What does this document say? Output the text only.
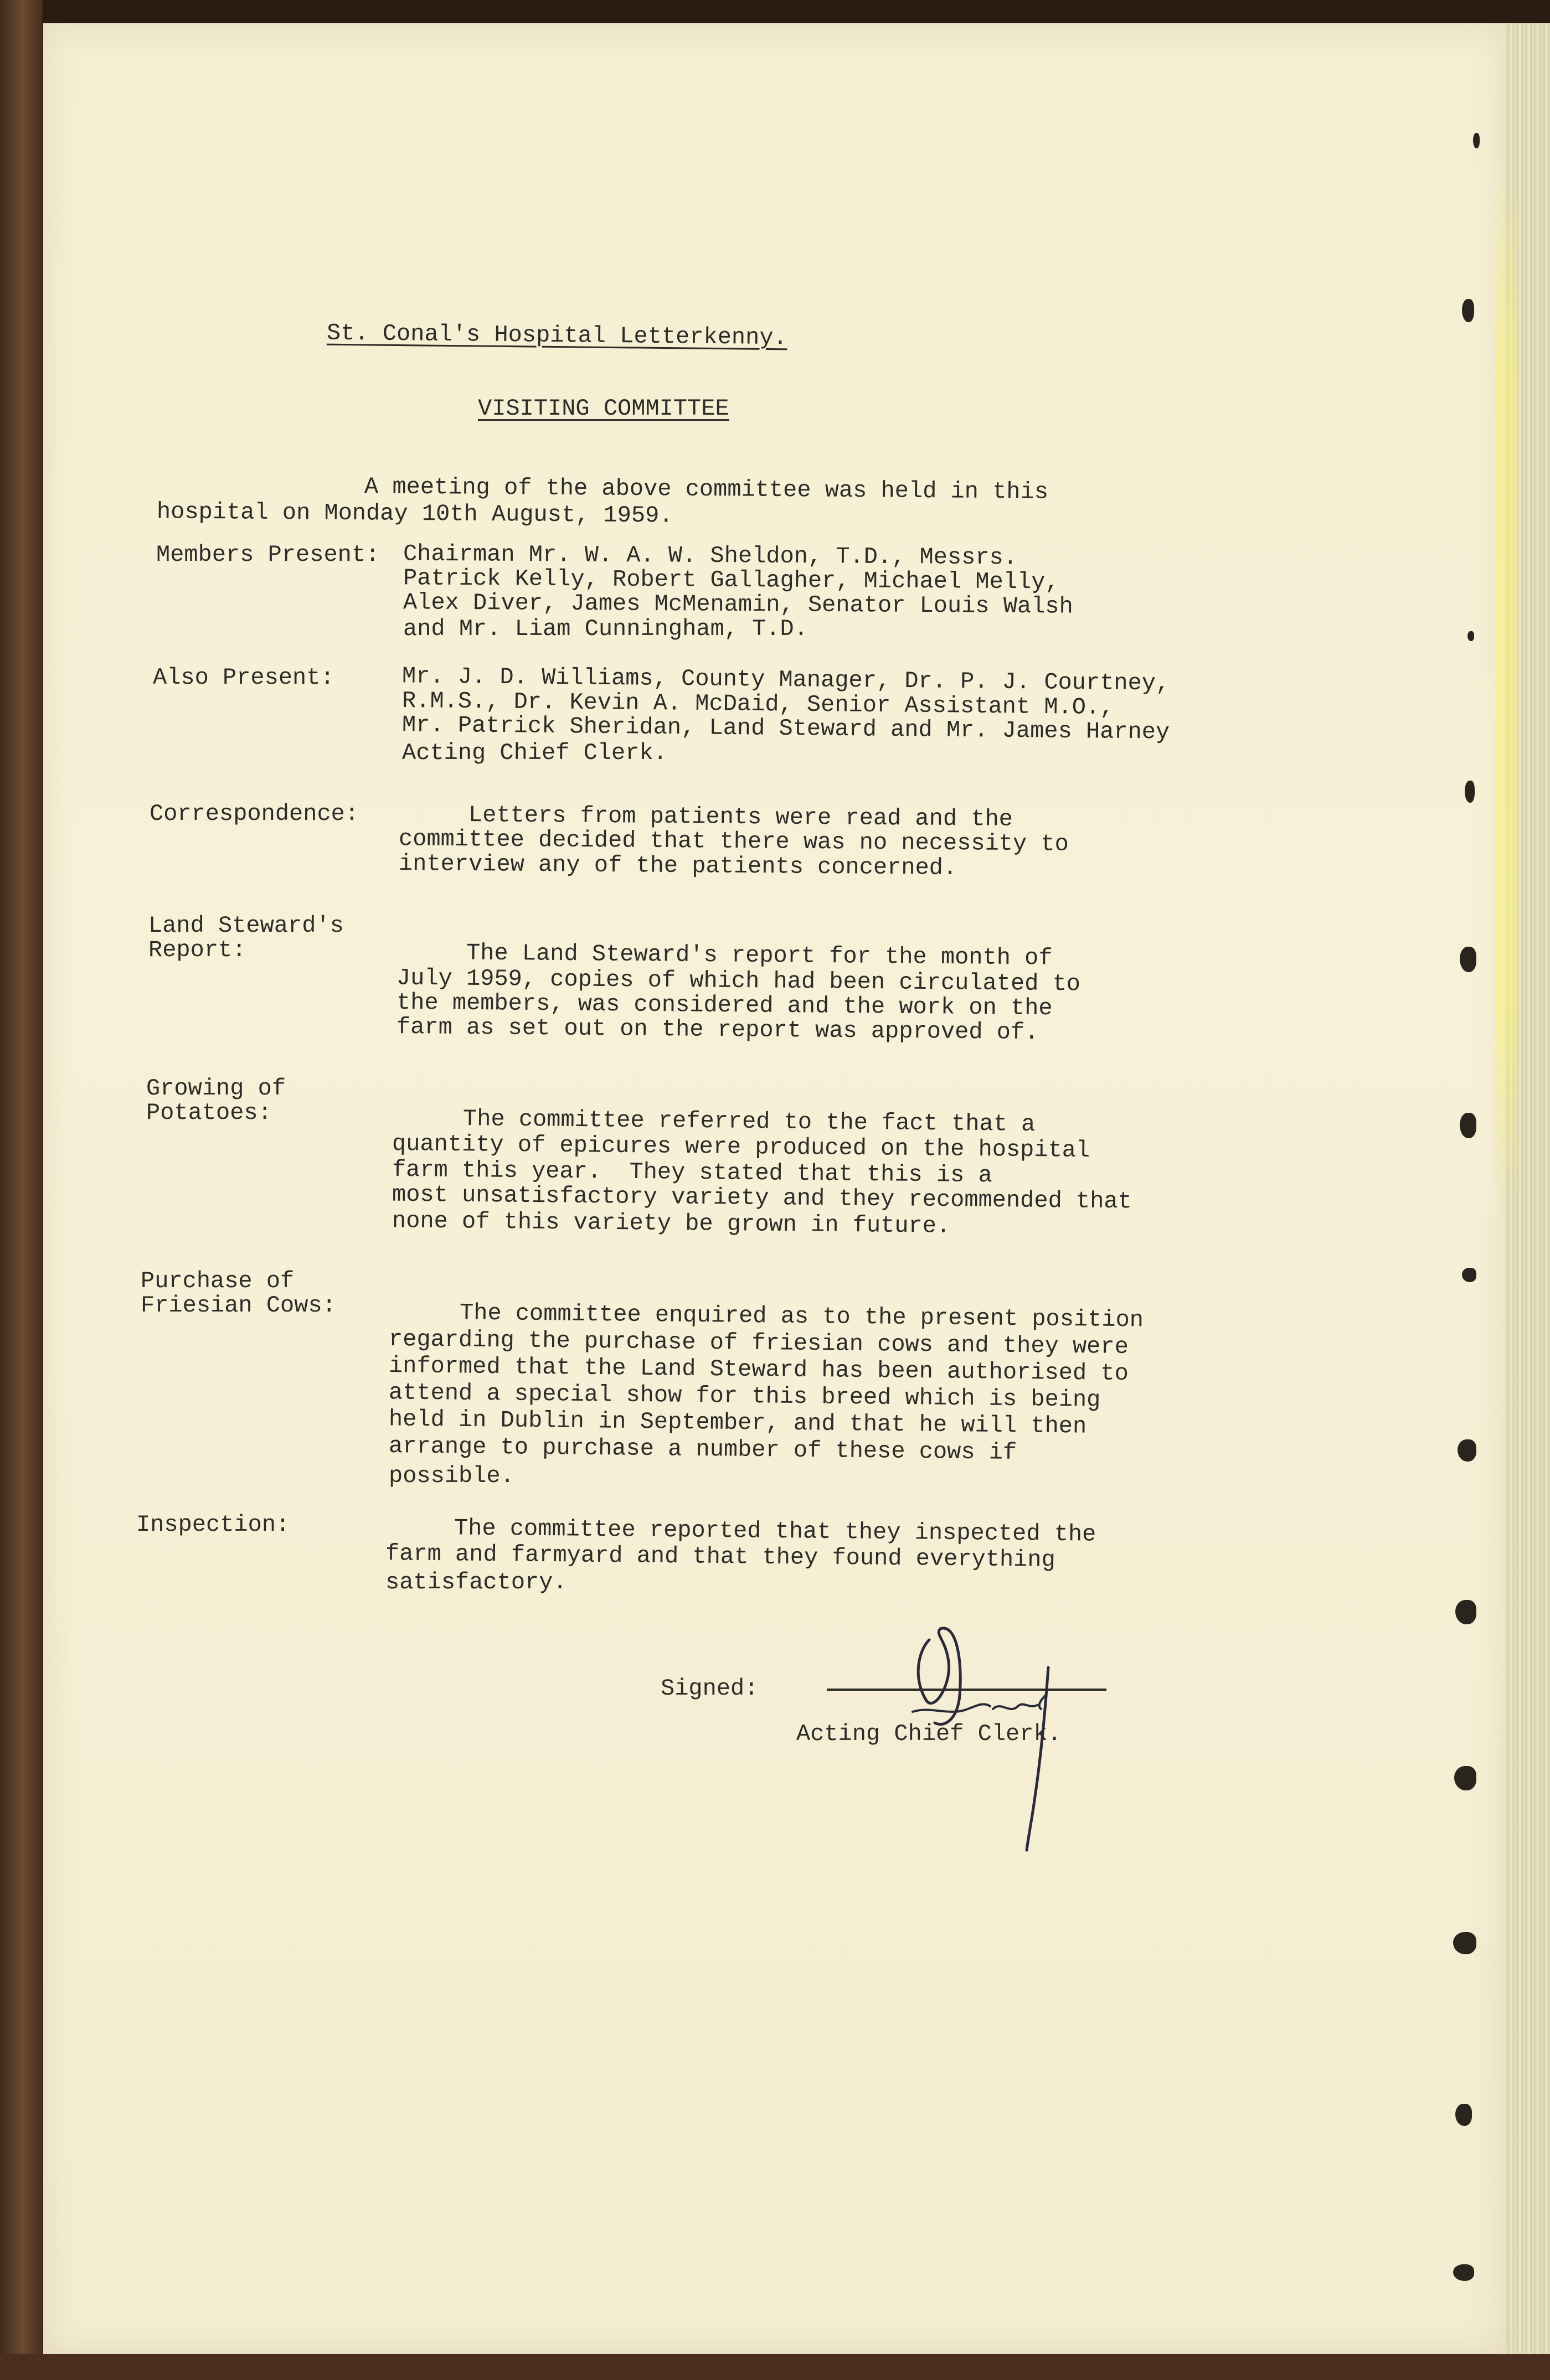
St. Conal's Hospital Letterkenny.
VISITING COMMITTEE
A meeting of the above committee was held in this
hospital on Monday 10th August, 1959.
Members Present: Chairman Mr. W. A. W. Sheldon, T.D., Messrs.
Patrick Kelly, Robert Gallagher, Michael Melly,
Alex Diver, James McMenamin, Senator Louis Walsh
and Mr. Liam Cunningham, T.D.
Also Present:	Mr. J. D. Williams, County Manager, Dr. P. J. Courtney,
R.M.S., Dr. Kevin A. McDaid, Senior Assistant M.O.,
Mr. Patrick Sheridan, Land Steward and Mr. James Harney
Acting Chief Clerk.
Correspondence:	Letters from patients were read and the
committee decided that there was no necessity to
interview any of the patients concerned.
Land Steward's
Report:	The Land Steward's report for the month of
July 1959, copies of which had been circulated to
the members, was considered and the work on the
farm as set out on the report was approved of.
Growing of
Potatoes:	The committee referred to the fact that a
quantity of epicures were produced on the hospital
farm this year.  They stated that this is a
most unsatisfactory variety and they recommended that
none of this variety be grown in future.
Purchase of
Friesian Cows:	The committee enquired as to the present position
regarding the purchase of friesian cows and they were
informed that the Land Steward has been authorised to
attend a special show for this breed which is being
held in Dublin in September, and that he will then
arrange to purchase a number of these cows if
possible.
Inspection:	The committee reported that they inspected the
farm and farmyard and that they found everything
satisfactory.
Signed:
Acting Chief Clerk.
